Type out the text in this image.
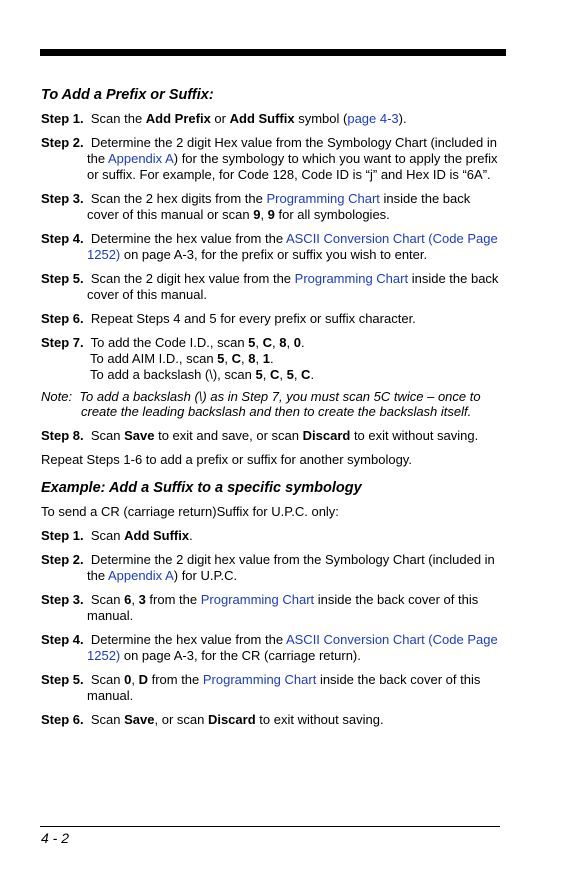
To Add a Prefix or Suffix:

Step 1. Scan the Add Prefix or Add Suffix symbol (page 4-3).

Step 2. Determine the 2 digit Hex value from the Symbology Chart (included in the Appendix A) for the symbology to which you want to apply the prefix or suffix. For example, for Code 128, Code ID is “j” and Hex ID is “6A”.

Step 3. Scan the 2 hex digits from the Programming Chart inside the back cover of this manual or scan 9, 9 for all symbologies.

Step 4. Determine the hex value from the ASCII Conversion Chart (Code Page 1252) on page A-3, for the prefix or suffix you wish to enter.

Step 5. Scan the 2 digit hex value from the Programming Chart inside the back cover of this manual.

Step 6. Repeat Steps 4 and 5 for every prefix or suffix character.

Step 7. To add the Code I.D., scan 5, C, 8, 0.
To add AIM I.D., scan 5, C, 8, 1.
To add a backslash (\), scan 5, C, 5, C.

Note: To add a backslash (\) as in Step 7, you must scan 5C twice – once to create the leading backslash and then to create the backslash itself.

Step 8. Scan Save to exit and save, or scan Discard to exit without saving.

Repeat Steps 1-6 to add a prefix or suffix for another symbology.

Example: Add a Suffix to a specific symbology

To send a CR (carriage return)Suffix for U.P.C. only:

Step 1. Scan Add Suffix.

Step 2. Determine the 2 digit hex value from the Symbology Chart (included in the Appendix A) for U.P.C.

Step 3. Scan 6, 3 from the Programming Chart inside the back cover of this manual.

Step 4. Determine the hex value from the ASCII Conversion Chart (Code Page 1252) on page A-3, for the CR (carriage return).

Step 5. Scan 0, D from the Programming Chart inside the back cover of this manual.

Step 6. Scan Save, or scan Discard to exit without saving.

4 - 2
